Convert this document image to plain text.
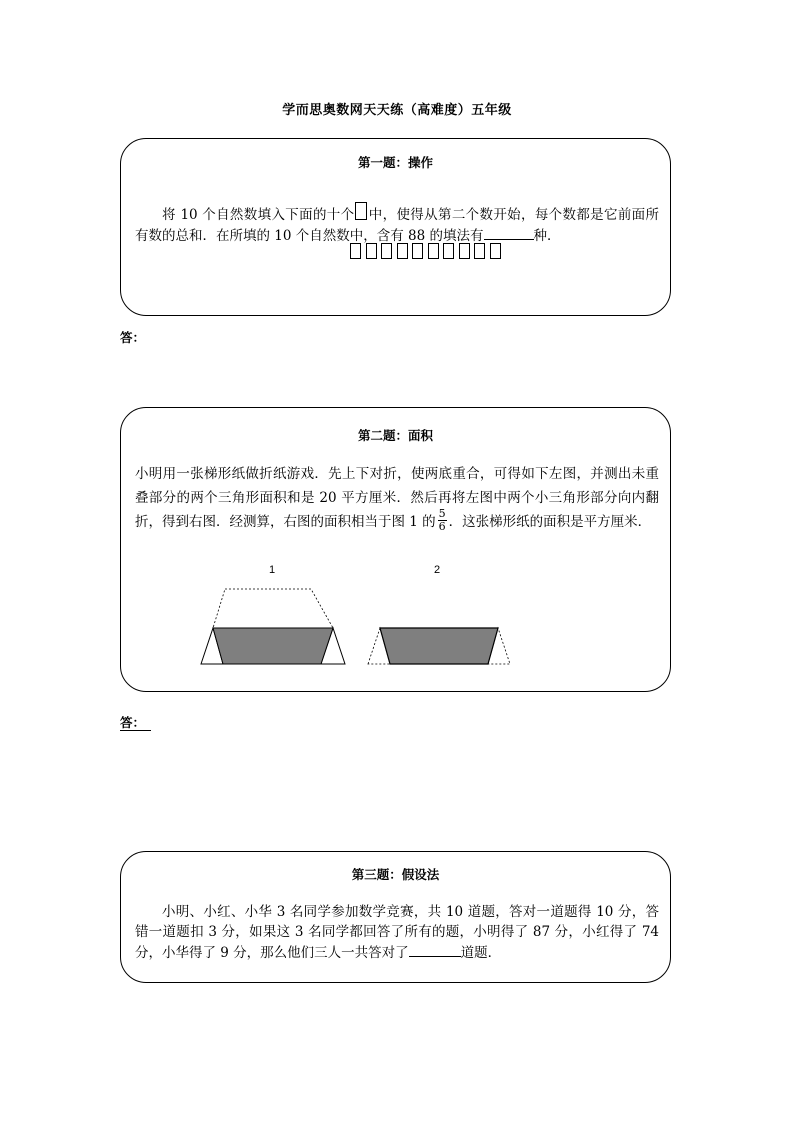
学而思奥数网天天练（高难度）五年级
第一题：操作
将 10 个自然数填入下面的十个 中，使得从第二个数开始，每个数都是它前面所有数的总和．在所填的 10 个自然数中，含有 88 的填法有	种．
答：
第二题：面积
小明用一张梯形纸做折纸游戏．先上下对折，使两底重合，可得如下左图，并测出未重叠部分的两个三角形面积和是 20 平方厘米．然后再将左图中两个小三角形部分向内翻折，得到右图．经测算，右图的面积相当于图 1 的 $\frac{5}{6}$ ．这张梯形纸的面积是平方厘米．
1	2
答：
第三题：假设法
小明、小红、小华 3 名同学参加数学竞赛，共 10 道题，答对一道题得 10 分，答错一道题扣 3 分，如果这 3 名同学都回答了所有的题，小明得了 87 分，小红得了 74 分，小华得了 9 分，那么他们三人一共答对了	道题．
